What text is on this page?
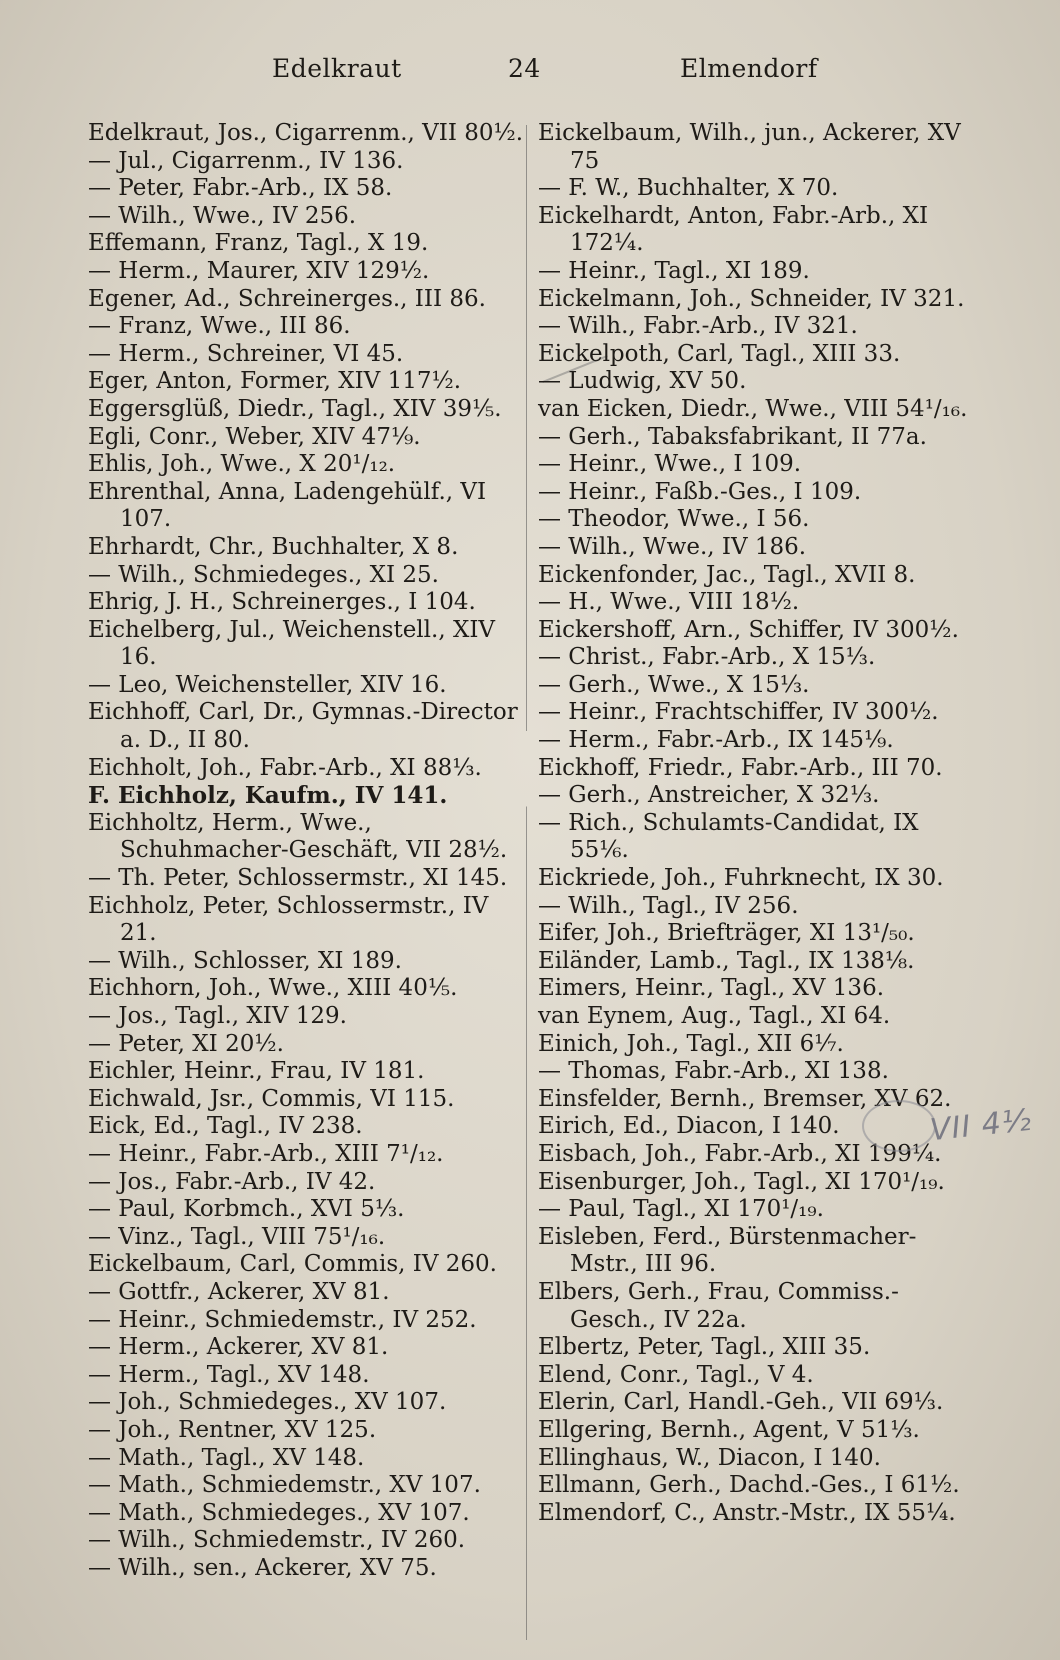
Edelkraut	24	Elmendorf
Edelkraut, Jos., Cigarrenm., VII 80½.
— Jul., Cigarrenm., IV 136.
— Peter, Fabr.-Arb., IX 58.
— Wilh., Wwe., IV 256.
Effemann, Franz, Tagl., X 19.
— Herm., Maurer, XIV 129½.
Egener, Ad., Schreinerges., III 86.
— Franz, Wwe., III 86.
— Herm., Schreiner, VI 45.
Eger, Anton, Former, XIV 117½.
Eggersglüß, Diedr., Tagl., XIV 39⅕.
Egli, Conr., Weber, XIV 47⅑.
Ehlis, Joh., Wwe., X 20¹/₁₂.
Ehrenthal, Anna, Ladengehülf., VI 107.
Ehrhardt, Chr., Buchhalter, X 8.
— Wilh., Schmiedeges., XI 25.
Ehrig, J. H., Schreinerges., I 104.
Eichelberg, Jul., Weichenstell., XIV 16.
— Leo, Weichensteller, XIV 16.
Eichhoff, Carl, Dr., Gymnas.-Director a. D., II 80.
Eichholt, Joh., Fabr.-Arb., XI 88⅓.
F. Eichholz, Kaufm., IV 141.
Eichholtz, Herm., Wwe., Schuhmacher-Geschäft, VII 28½.
— Th. Peter, Schlossermstr., XI 145.
Eichholz, Peter, Schlossermstr., IV 21.
— Wilh., Schlosser, XI 189.
Eichhorn, Joh., Wwe., XIII 40⅕.
— Jos., Tagl., XIV 129.
— Peter, XI 20½.
Eichler, Heinr., Frau, IV 181.
Eichwald, Jsr., Commis, VI 115.
Eick, Ed., Tagl., IV 238.
— Heinr., Fabr.-Arb., XIII 7¹/₁₂.
— Jos., Fabr.-Arb., IV 42.
— Paul, Korbmch., XVI 5⅓.
— Vinz., Tagl., VIII 75¹/₁₆.
Eickelbaum, Carl, Commis, IV 260.
— Gottfr., Ackerer, XV 81.
— Heinr., Schmiedemstr., IV 252.
— Herm., Ackerer, XV 81.
— Herm., Tagl., XV 148.
— Joh., Schmiedeges., XV 107.
— Joh., Rentner, XV 125.
— Math., Tagl., XV 148.
— Math., Schmiedemstr., XV 107.
— Math., Schmiedeges., XV 107.
— Wilh., Schmiedemstr., IV 260.
— Wilh., sen., Ackerer, XV 75.
Eickelbaum, Wilh., jun., Ackerer, XV 75
— F. W., Buchhalter, X 70.
Eickelhardt, Anton, Fabr.-Arb., XI 172¼.
— Heinr., Tagl., XI 189.
Eickelmann, Joh., Schneider, IV 321.
— Wilh., Fabr.-Arb., IV 321.
Eickelpoth, Carl, Tagl., XIII 33.
— Ludwig, XV 50.
van Eicken, Diedr., Wwe., VIII 54¹/₁₆.
— Gerh., Tabaksfabrikant, II 77a.
— Heinr., Wwe., I 109.
— Heinr., Faßb.-Ges., I 109.
— Theodor, Wwe., I 56.
— Wilh., Wwe., IV 186.
Eickenfonder, Jac., Tagl., XVII 8.
— H., Wwe., VIII 18½.
Eickershoff, Arn., Schiffer, IV 300½.
— Christ., Fabr.-Arb., X 15⅓.
— Gerh., Wwe., X 15⅓.
— Heinr., Frachtschiffer, IV 300½.
— Herm., Fabr.-Arb., IX 145⅑.
Eickhoff, Friedr., Fabr.-Arb., III 70.
— Gerh., Anstreicher, X 32⅓.
— Rich., Schulamts-Candidat, IX 55⅙.
Eickriede, Joh., Fuhrknecht, IX 30.
— Wilh., Tagl., IV 256.
Eifer, Joh., Briefträger, XI 13¹/₅₀.
Eiländer, Lamb., Tagl., IX 138⅛.
Eimers, Heinr., Tagl., XV 136.
van Eynem, Aug., Tagl., XI 64.
Einich, Joh., Tagl., XII 6⅐.
— Thomas, Fabr.-Arb., XI 138.
Einsfelder, Bernh., Bremser, XV 62.
Eirich, Ed., Diacon, I 140.
Eisbach, Joh., Fabr.-Arb., XI 199¼.
Eisenburger, Joh., Tagl., XI 170¹/₁₉.
— Paul, Tagl., XI 170¹/₁₉.
Eisleben, Ferd., Bürstenmacher-Mstr., III 96.
Elbers, Gerh., Frau, Commiss.-Gesch., IV 22a.
Elbertz, Peter, Tagl., XIII 35.
Elend, Conr., Tagl., V 4.
Elerin, Carl, Handl.-Geh., VII 69⅓.
Ellgering, Bernh., Agent, V 51⅓.
Ellinghaus, W., Diacon, I 140.
Ellmann, Gerh., Dachd.-Ges., I 61½.
Elmendorf, C., Anstr.-Mstr., IX 55¼.
VII 4½
